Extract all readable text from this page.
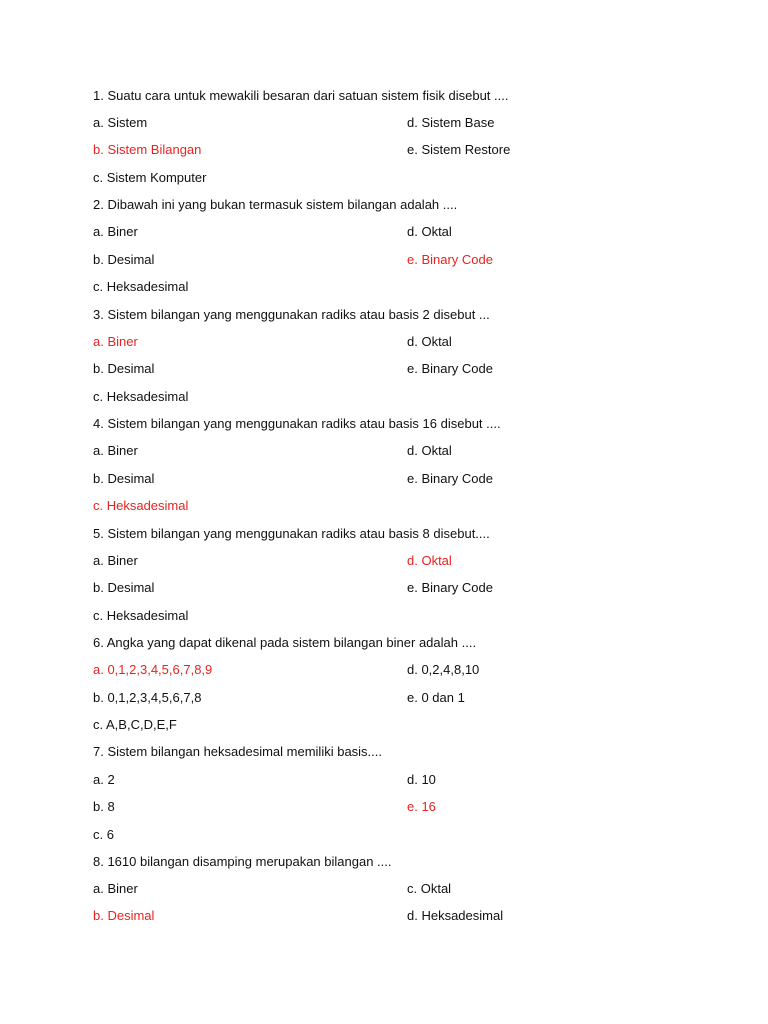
1. Suatu cara untuk mewakili besaran dari satuan sistem fisik disebut ....
a. Sistem	d. Sistem Base
b. Sistem Bilangan	e. Sistem Restore
c. Sistem Komputer
2. Dibawah ini yang bukan termasuk sistem bilangan adalah ....
a. Biner	d. Oktal
b. Desimal	e. Binary Code
c. Heksadesimal
3. Sistem bilangan yang menggunakan radiks atau basis 2 disebut ...
a. Biner	d. Oktal
b. Desimal	e. Binary Code
c. Heksadesimal
4. Sistem bilangan yang menggunakan radiks atau basis 16 disebut ....
a. Biner	d. Oktal
b. Desimal	e. Binary Code
c. Heksadesimal
5. Sistem bilangan yang menggunakan radiks atau basis 8 disebut....
a. Biner	d. Oktal
b. Desimal	e. Binary Code
c. Heksadesimal
6. Angka yang dapat dikenal pada sistem bilangan biner adalah ....
a. 0,1,2,3,4,5,6,7,8,9	d. 0,2,4,8,10
b. 0,1,2,3,4,5,6,7,8	e. 0 dan 1
c. A,B,C,D,E,F
7. Sistem bilangan heksadesimal memiliki basis....
a. 2	d. 10
b. 8	e. 16
c. 6
8. 1610 bilangan disamping merupakan bilangan ....
a. Biner	c. Oktal
b. Desimal	d. Heksadesimal
